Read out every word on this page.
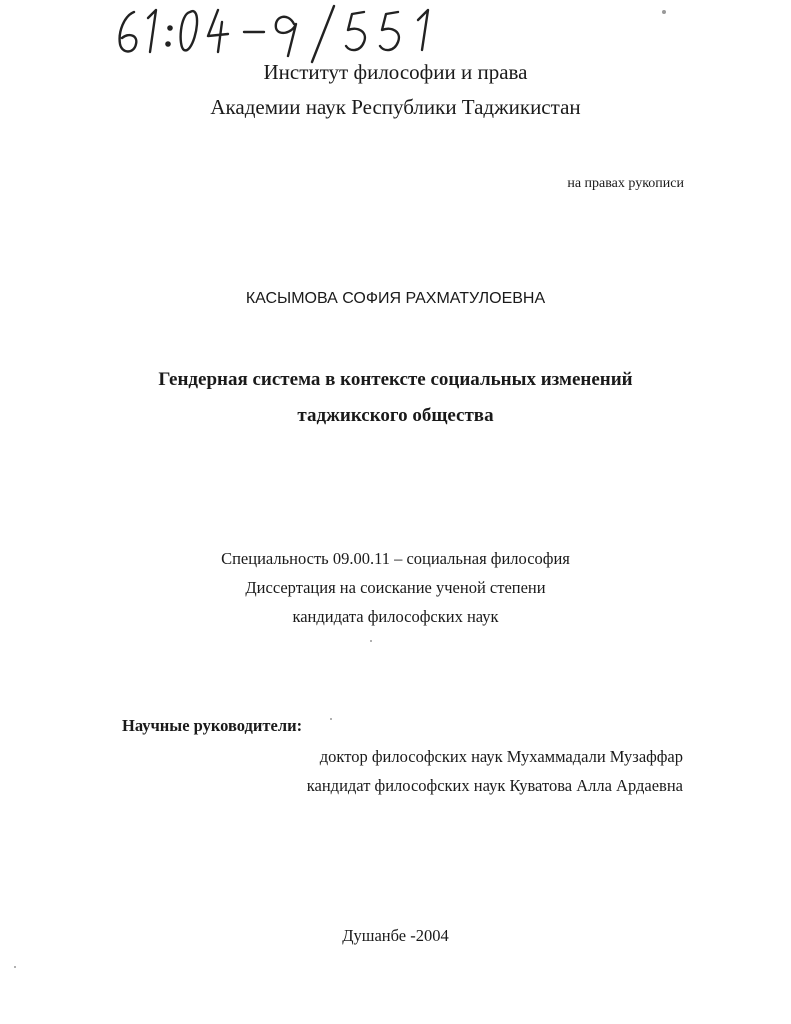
Институт философии и права
Академии наук Республики Таджикистан
на правах рукописи
КАСЫМОВА СОФИЯ РАХМАТУЛОЕВНА
Гендерная система в контексте социальных изменений
таджикского общества
Специальность 09.00.11 – социальная философия
Диссертация на соискание ученой степени
кандидата философских наук
Научные руководители:
доктор философских наук Мухаммадали Музаффар
кандидат философских наук Куватова Алла Ардаевна
Душанбе -2004
